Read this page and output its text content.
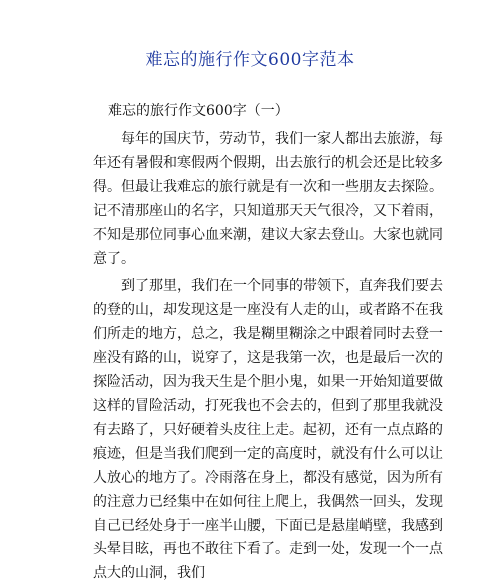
难忘的施行作文600字范本
难忘的旅行作文600字（一）

每年的国庆节，劳动节，我们一家人都出去旅游，每年还有暑假和寒假两个假期，出去旅行的机会还是比较多得。但最让我难忘的旅行就是有一次和一些朋友去探险。记不清那座山的名字，只知道那天天气很冷，又下着雨，不知是那位同事心血来潮，建议大家去登山。大家也就同意了。

到了那里，我们在一个同事的带领下，直奔我们要去的登的山，却发现这是一座没有人走的山，或者路不在我们所走的地方，总之，我是糊里糊涂之中跟着同时去登一座没有路的山，说穿了，这是我第一次，也是最后一次的探险活动，因为我天生是个胆小鬼，如果一开始知道要做这样的冒险活动，打死我也不会去的，但到了那里我就没有去路了，只好硬着头皮往上走。起初，还有一点点路的痕迹，但是当我们爬到一定的高度时，就没有什么可以让人放心的地方了。冷雨落在身上，都没有感觉，因为所有的注意力已经集中在如何往上爬上，我偶然一回头，发现自己已经处身于一座半山腰，下面已是悬崖峭壁，我感到头晕目眩，再也不敢往下看了。走到一处，发现一个一点点大的山洞，我们
